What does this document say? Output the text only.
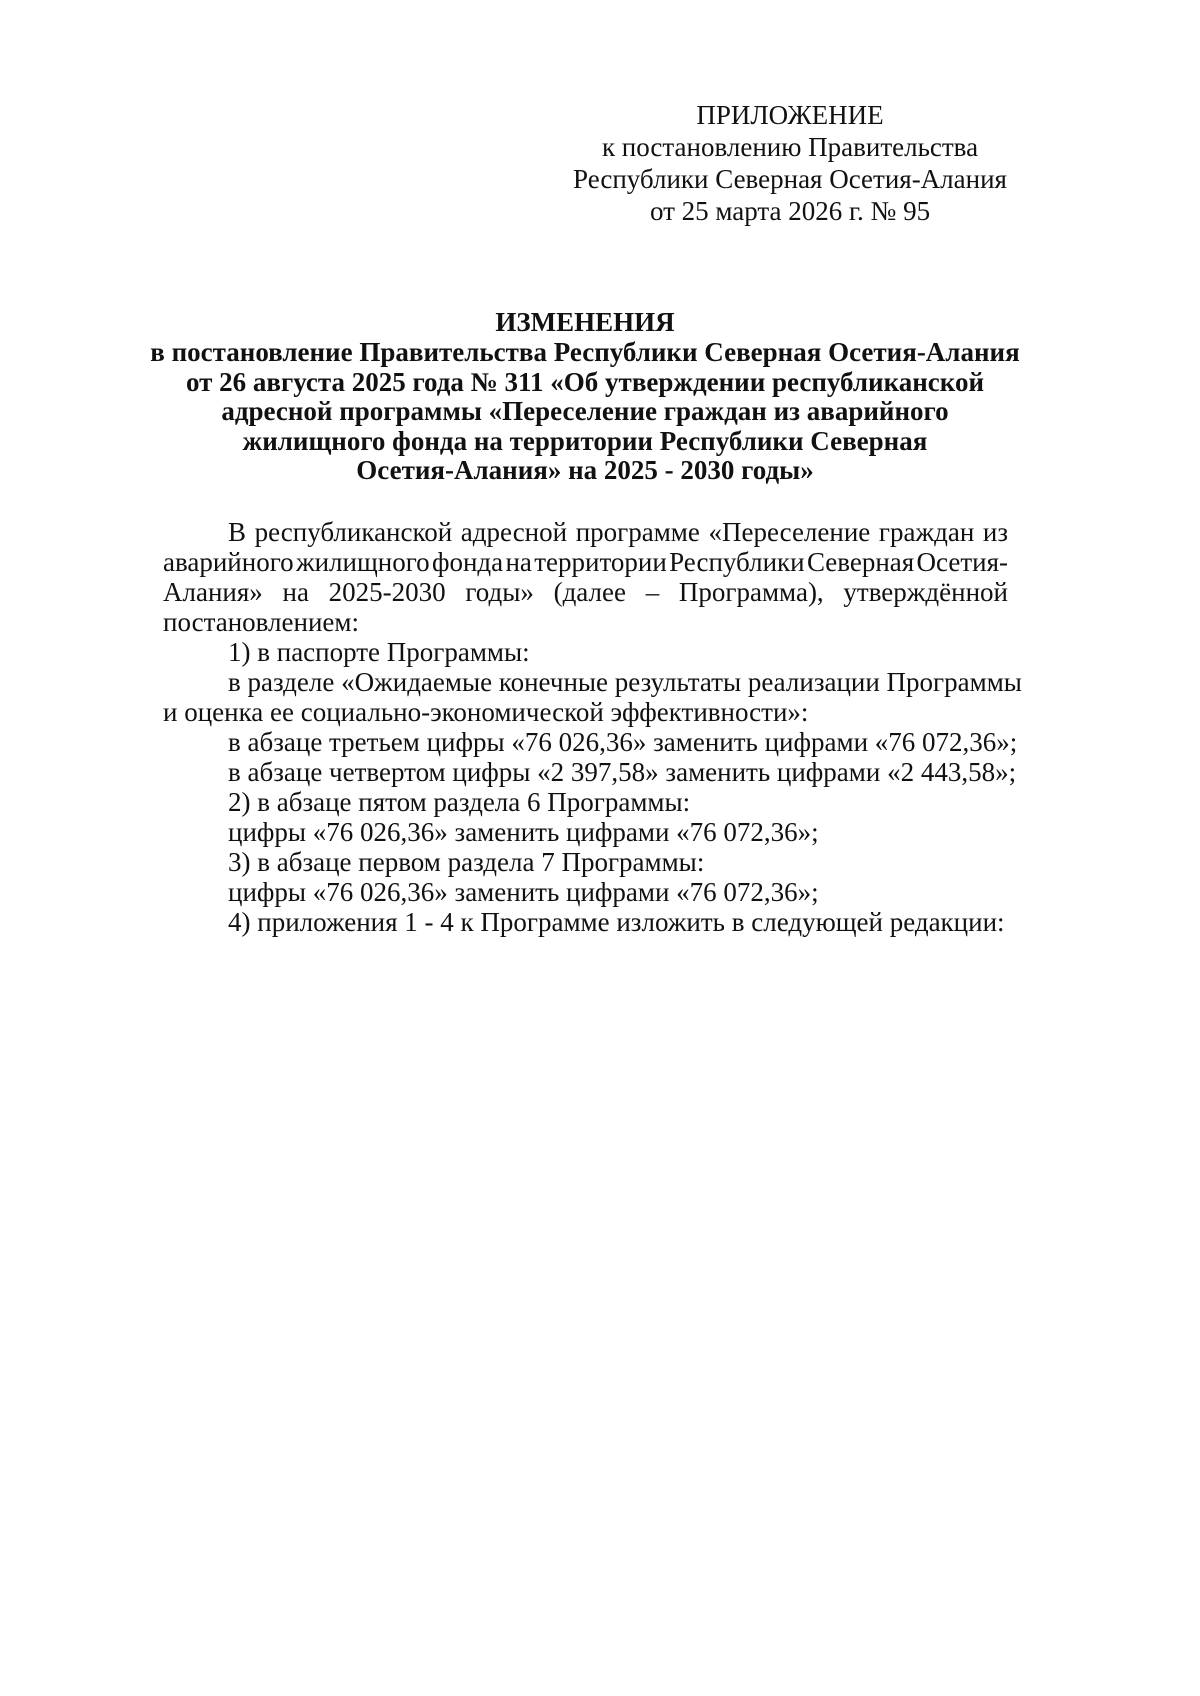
ПРИЛОЖЕНИЕ
к постановлению Правительства
Республики Северная Осетия-Алания
от 25 марта 2026 г. № 95
ИЗМЕНЕНИЯ
в постановление Правительства Республики Северная Осетия-Алания
от 26 августа 2025 года № 311 «Об утверждении республиканской
адресной программы «Переселение граждан из аварийного
жилищного фонда на территории Республики Северная
Осетия-Алания» на 2025 - 2030 годы»
В республиканской адресной программе «Переселение граждан из
аварийного жилищного фонда на территории Республики Северная Осетия-
Алания» на 2025-2030 годы» (далее – Программа), утверждённой
постановлением:
1) в паспорте Программы:
в разделе «Ожидаемые конечные результаты реализации Программы
и оценка ее социально-экономической эффективности»:
в абзаце третьем цифры «76 026,36» заменить цифрами «76 072,36»;
в абзаце четвертом цифры «2 397,58» заменить цифрами «2 443,58»;
2) в абзаце пятом раздела 6 Программы:
цифры «76 026,36» заменить цифрами «76 072,36»;
3) в абзаце первом раздела 7 Программы:
цифры «76 026,36» заменить цифрами «76 072,36»;
4) приложения 1 - 4 к Программе изложить в следующей редакции:
